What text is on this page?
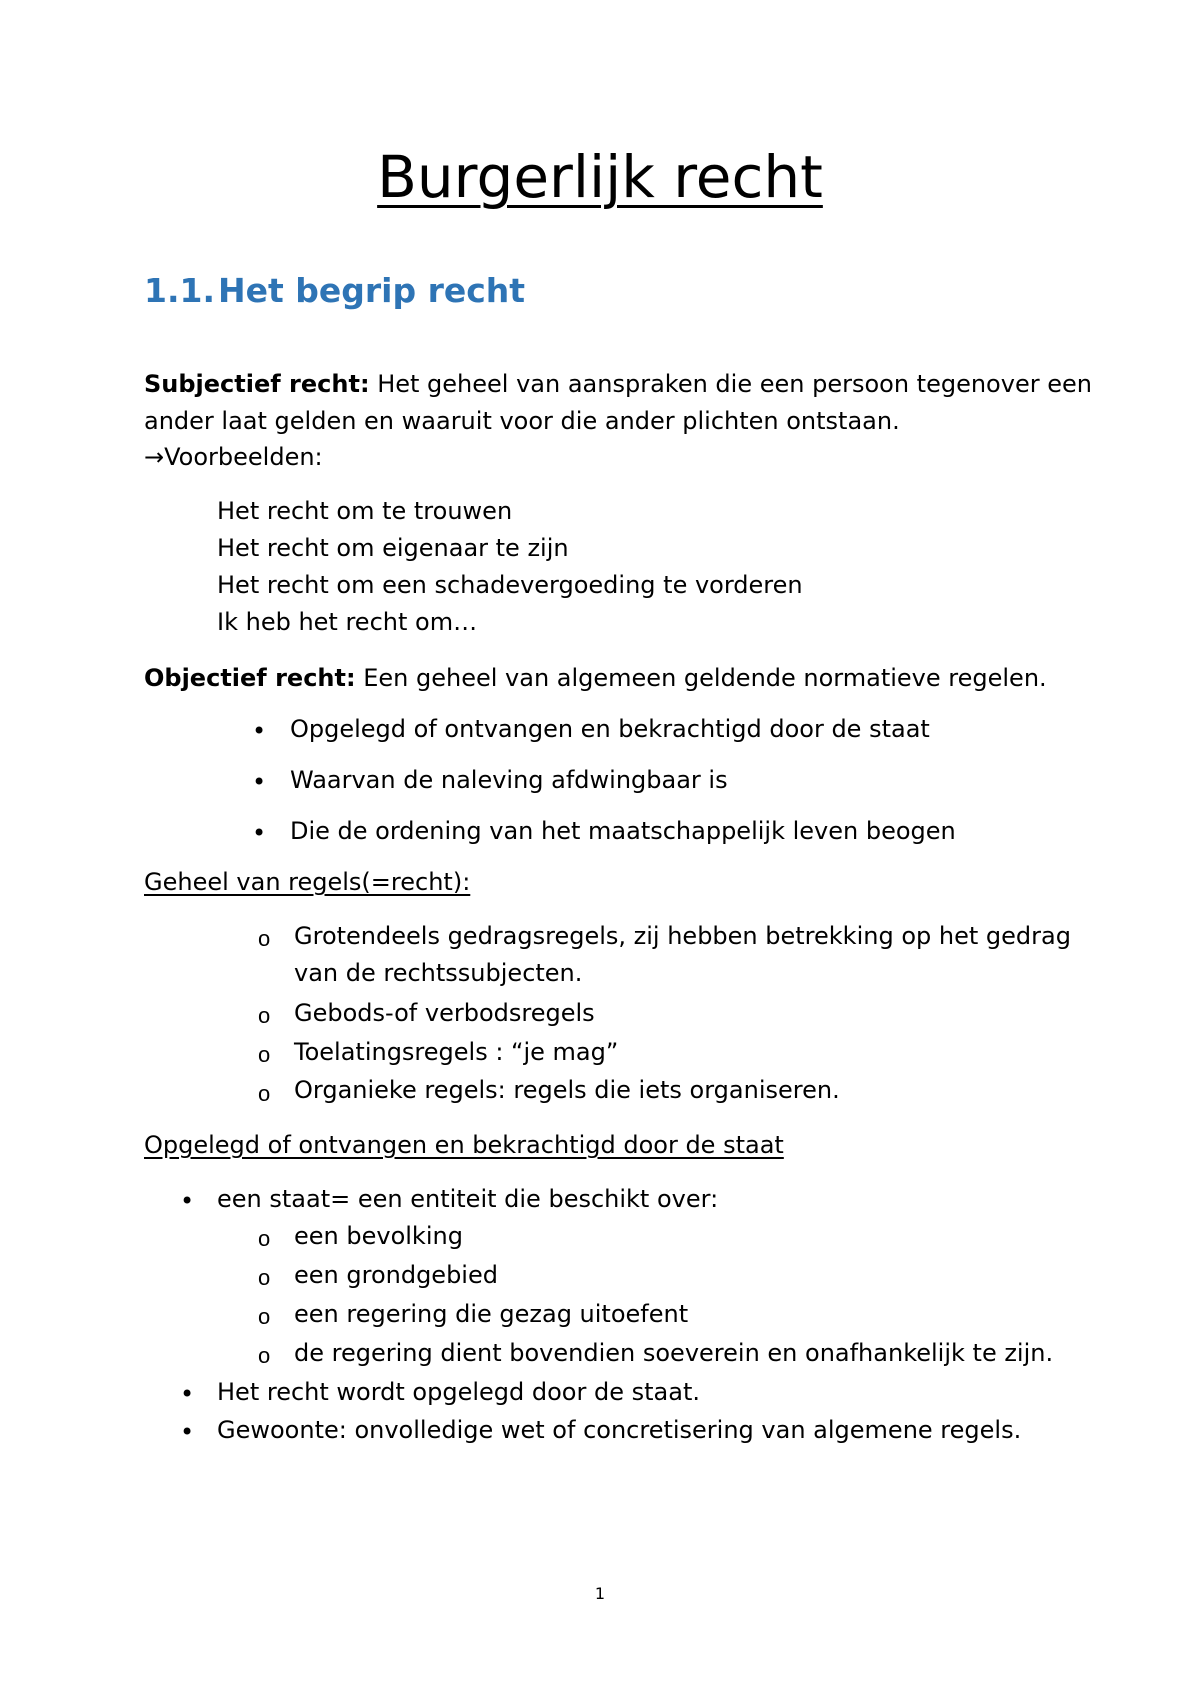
Burgerlijk recht
1.1.Het begrip recht
Subjectief recht: Het geheel van aanspraken die een persoon tegenover een
ander laat gelden en waaruit voor die ander plichten ontstaan.
→Voorbeelden:
Het recht om te trouwen
Het recht om eigenaar te zijn
Het recht om een schadevergoeding te vorderen
Ik heb het recht om…
Objectief recht: Een geheel van algemeen geldende normatieve regelen.
• Opgelegd of ontvangen en bekrachtigd door de staat
• Waarvan de naleving afdwingbaar is
• Die de ordening van het maatschappelijk leven beogen
Geheel van regels(=recht):
o Grotendeels gedragsregels, zij hebben betrekking op het gedrag
van de rechtssubjecten.
o Gebods-of verbodsregels
o Toelatingsregels : “je mag”
o Organieke regels: regels die iets organiseren.
Opgelegd of ontvangen en bekrachtigd door de staat
• een staat= een entiteit die beschikt over:
o een bevolking
o een grondgebied
o een regering die gezag uitoefent
o de regering dient bovendien soeverein en onafhankelijk te zijn.
• Het recht wordt opgelegd door de staat.
• Gewoonte: onvolledige wet of concretisering van algemene regels.
1
